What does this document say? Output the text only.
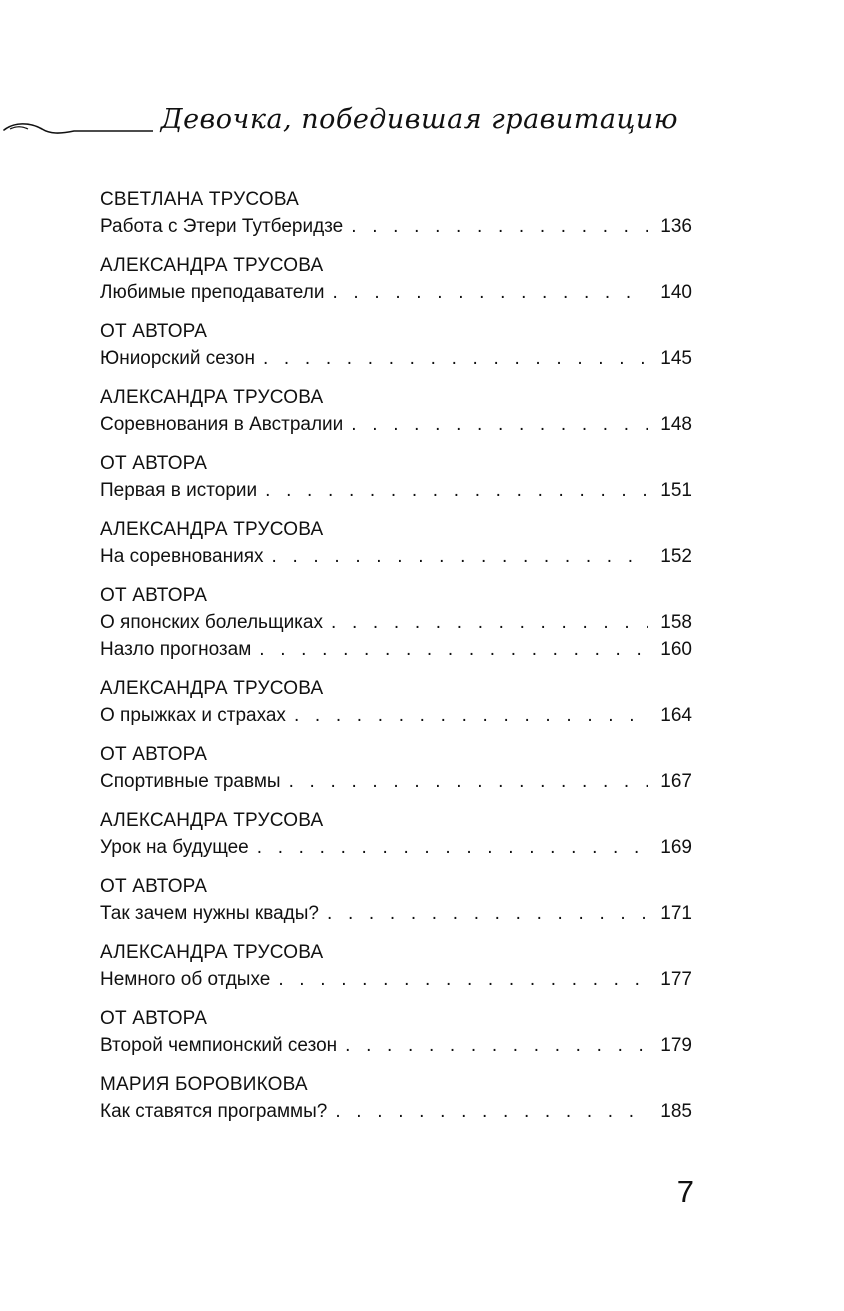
Девочка, победившая гравитацию
СВЕТЛАНА ТРУСОВА
Работа с Этери Тутберидзе . . .	136
АЛЕКСАНДРА ТРУСОВА
Любимые преподаватели . . .	140
ОТ АВТОРА
Юниорский сезон . . .	145
АЛЕКСАНДРА ТРУСОВА
Соревнования в Австралии . . .	148
ОТ АВТОРА
Первая в истории . . .	151
АЛЕКСАНДРА ТРУСОВА
На соревнованиях . . .	152
ОТ АВТОРА
О японских болельщиках . . .	158
Назло прогнозам . . .	160
АЛЕКСАНДРА ТРУСОВА
О прыжках и страхах . . .	164
ОТ АВТОРА
Спортивные травмы . . .	167
АЛЕКСАНДРА ТРУСОВА
Урок на будущее . . .	169
ОТ АВТОРА
Так зачем нужны квады? . . .	171
АЛЕКСАНДРА ТРУСОВА
Немного об отдыхе . . .	177
ОТ АВТОРА
Второй чемпионский сезон . . .	179
МАРИЯ БОРОВИКОВА
Как ставятся программы? . . .	185
7
